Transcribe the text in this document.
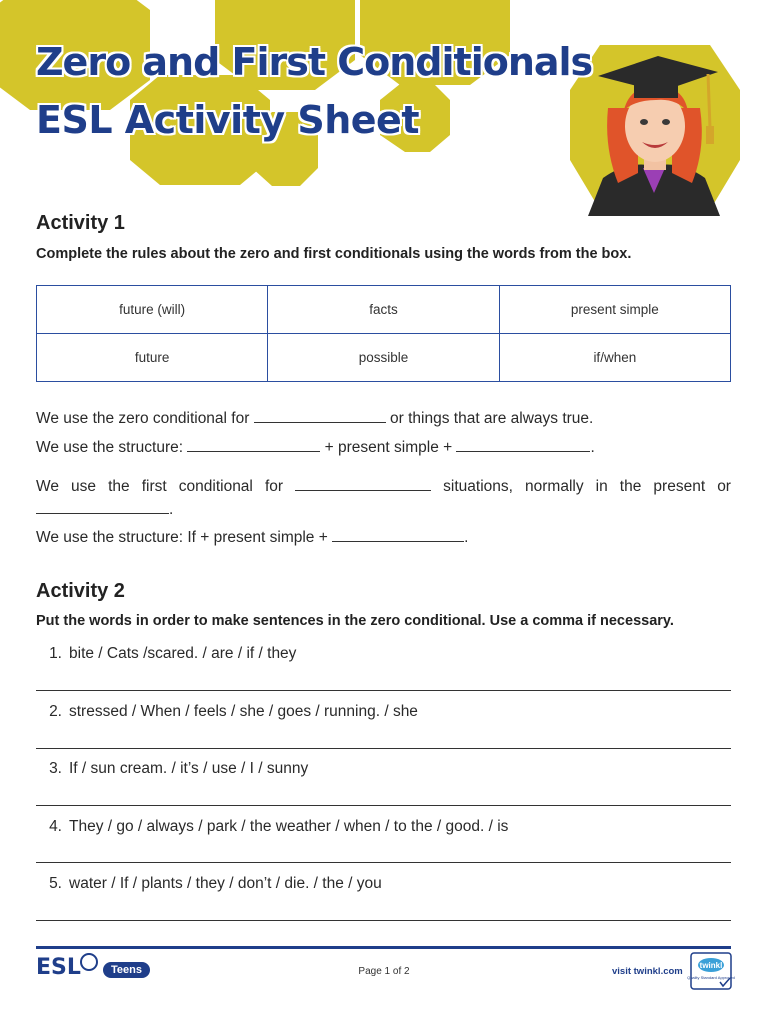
Zero and First Conditionals
ESL Activity Sheet
Activity 1

Complete the rules about the zero and first conditionals using the words from the box.

future (will)	facts	present simple
future	possible	if/when
We use the zero conditional for	or things that are always true.
We use the structure:	+ present simple +	.
We use the first conditional for	situations, normally in the present or
.
We use the structure: If + present simple +	.
Activity 2

Put the words in order to make sentences in the zero conditional. Use a comma if necessary.

1. bite / Cats /scared. / are / if / they
2. stressed / When / feels / she / goes / running. / she
3. If / sun cream. / it’s / use / I / sunny
4. They / go / always / park / the weather / when / to the / good. / is
5. water / If / plants / they / don’t / die. / the / you
ESL	Teens	Page 1 of 2	visit twinkl.com
twinkl
Quality Standard Approved
